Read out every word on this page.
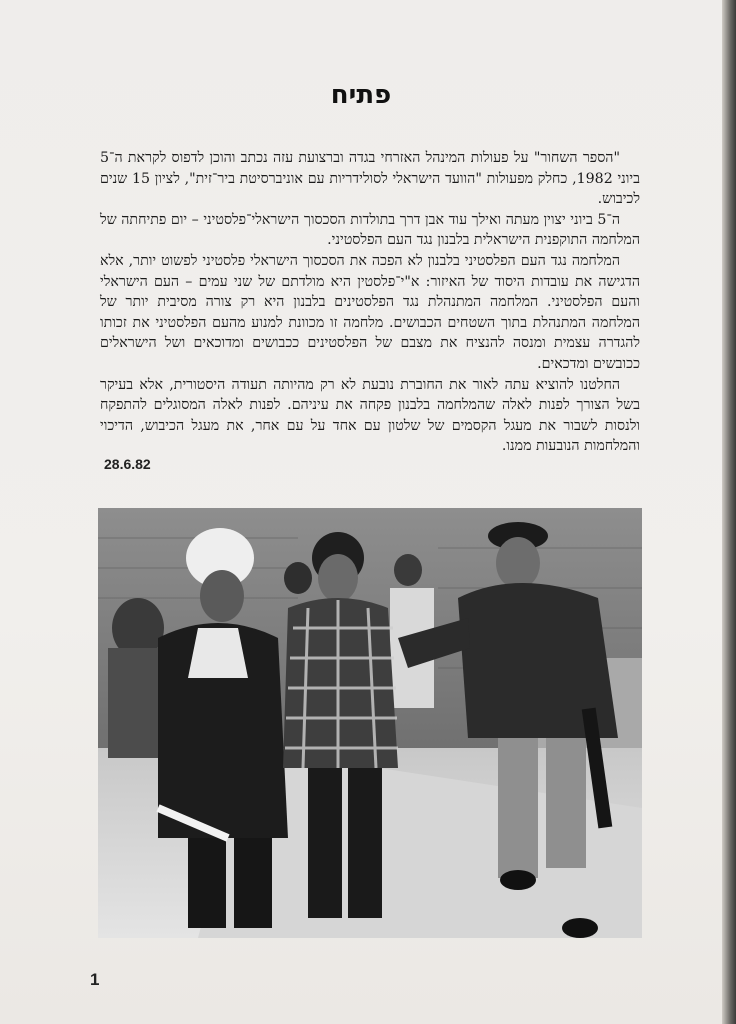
פתיח

"הספר השחור" על פעולות המינהל האזרחי בגדה וברצועת עזה נכתב והוכן לדפוס לקראת ה־5 ביוני 1982, כחלק מפעולות "הוועד הישראלי לסולידריות עם אוניברסיטת ביר־זית", לציון 15 שנים לכיבוש.

ה־5 ביוני יצוין מעתה ואילך עוד אבן דרך בתולדות הסכסוך הישראלי־פלסטיני – יום פתיחתה של המלחמה התוקפנית הישראלית בלבנון נגד העם הפלסטיני.

המלחמה נגד העם הפלסטיני בלבנון לא הפכה את הסכסוך הישראלי פלסטיני לפשוט יותר, אלא הדגישה את עובדות היסוד של האיזור: א"י־פלסטין היא מולדתם של שני עמים – העם הישראלי והעם הפלסטיני. המלחמה המתנהלת נגד הפלסטינים בלבנון היא רק צורה מסיבית יותר של המלחמה המתנהלת בתוך השטחים הכבושים. מלחמה זו מכוונת למנוע מהעם הפלסטיני את זכותו להגדרה עצמית ומנסה להנציח את מצבם של הפלסטינים ככבושים ומדוכאים ושל הישראלים ככובשים ומדכאים.

החלטנו להוציא עתה לאור את החוברת נובעת לא רק מהיותה תעודה היסטורית, אלא בעיקר בשל הצורך לפנות לאלה שהמלחמה בלבנון פקחה את עיניהם. לפנות לאלה המסוגלים להתפקח ולנסות לשבור את מעגל הקסמים של שלטון עם אחד על עם אחר, את מעגל הכיבוש, הדיכוי והמלחמות הנובעות ממנו.

28.6.82
1
